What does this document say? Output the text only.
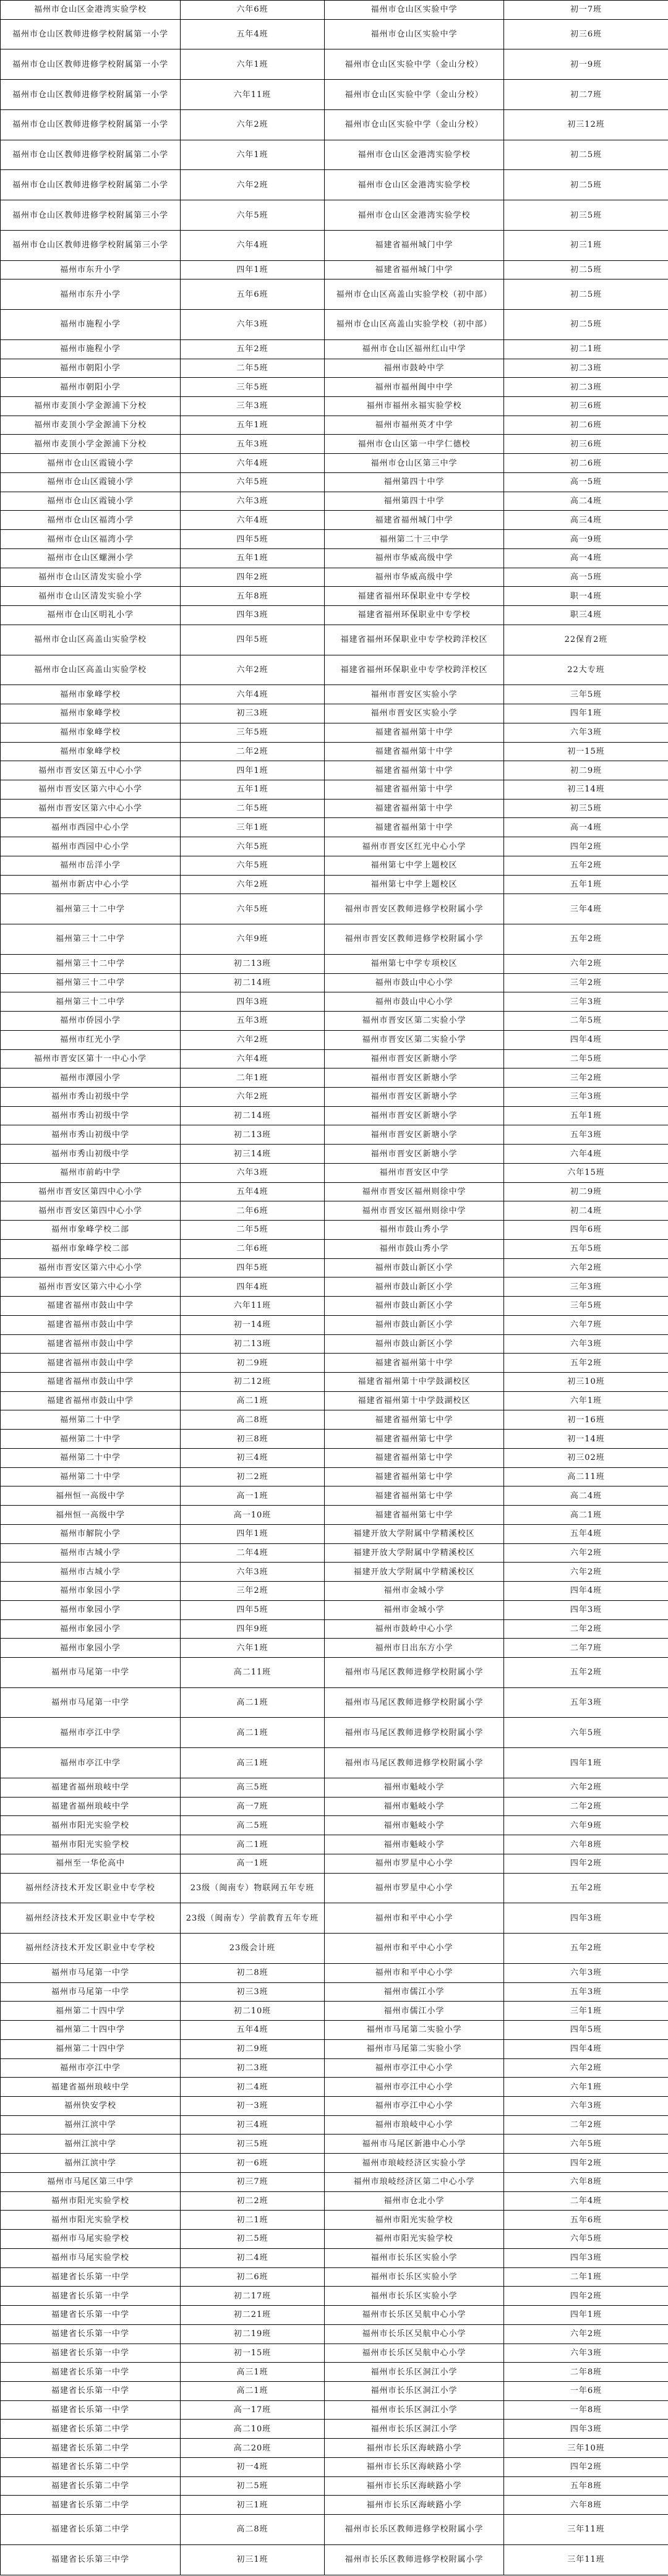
福州市仓山区金港湾实验学校	六年6班	福州市仓山区实验中学	初一7班
福州市仓山区教师进修学校附属第一小学	五年4班	福州市仓山区实验中学	初三6班
福州市仓山区教师进修学校附属第一小学	六年1班	福州市仓山区实验中学（金山分校）	初一9班
福州市仓山区教师进修学校附属第一小学	六年11班	福州市仓山区实验中学（金山分校）	初二7班
福州市仓山区教师进修学校附属第一小学	六年2班	福州市仓山区实验中学（金山分校）	初三12班
福州市仓山区教师进修学校附属第二小学	六年1班	福州市仓山区金港湾实验学校	初二5班
福州市仓山区教师进修学校附属第二小学	六年2班	福州市仓山区金港湾实验学校	初二5班
福州市仓山区教师进修学校附属第三小学	六年5班	福州市仓山区金港湾实验学校	初三5班
福州市仓山区教师进修学校附属第三小学	六年4班	福建省福州城门中学	初三1班
福州市东升小学	四年1班	福建省福州城门中学	初二5班
福州市东升小学	五年6班	福州市仓山区高盖山实验学校（初中部）	初二5班
福州市施程小学	六年3班	福州市仓山区高盖山实验学校（初中部）	初二5班
福州市施程小学	五年2班	福州市仓山区福州红山中学	初二1班
福州市朝阳小学	二年5班	福州市鼓岭中学	初二3班
福州市朝阳小学	三年5班	福州市福州闽中中学	初二3班
福州市麦顶小学金源浦下分校	三年3班	福州市福州永福实验学校	初三6班
福州市麦顶小学金源浦下分校	五年1班	福州市福州英才中学	初二6班
福州市麦顶小学金源浦下分校	五年3班	福州市仓山区第一中学仁德校	初三6班
福州市仓山区霞镜小学	六年4班	福州市仓山区第三中学	初二6班
福州市仓山区霞镜小学	六年5班	福州第四十中学	高一5班
福州市仓山区霞镜小学	六年3班	福州第四十中学	高二4班
福州市仓山区福湾小学	六年4班	福建省福州城门中学	高三4班
福州市仓山区福湾小学	四年5班	福州第二十三中学	高一9班
福州市仓山区螺洲小学	五年1班	福州市华威高级中学	高一4班
福州市仓山区清发实验小学	四年2班	福州市华威高级中学	高一5班
福州市仓山区清发实验小学	五年8班	福建省福州环保职业中专学校	职一4班
福州市仓山区明礼小学	四年3班	福建省福州环保职业中专学校	职三4班
福州市仓山区高盖山实验学校	四年5班	福建省福州环保职业中专学校跨洋校区	22保育2班
福州市仓山区高盖山实验学校	六年2班	福建省福州环保职业中专学校跨洋校区	22大专班
福州市象峰学校	六年4班	福州市晋安区实验小学	三年5班
福州市象峰学校	初三3班	福州市晋安区实验小学	四年1班
福州市象峰学校	三年5班	福建省福州第十中学	六年3班
福州市象峰学校	二年2班	福建省福州第十中学	初一15班
福州市晋安区第五中心小学	四年1班	福建省福州第十中学	初二9班
福州市晋安区第六中心小学	五年1班	福建省福州第十中学	初三14班
福州市晋安区第六中心小学	二年5班	福建省福州第十中学	初三5班
福州市西园中心小学	三年1班	福建省福州第十中学	高一4班
福州市西园中心小学	六年5班	福州市晋安区红光中心小学	四年2班
福州市岳洋小学	六年5班	福州第七中学上题校区	五年2班
福州市新店中心小学	六年2班	福州第七中学上题校区	五年1班
福州第三十二中学	六年5班	福州市晋安区教师进修学校附属小学	三年4班
福州第三十二中学	六年9班	福州市晋安区教师进修学校附属小学	五年2班
福州第三十二中学	初二13班	福州第七中学专项校区	六年2班
福州第三十二中学	初二14班	福州市鼓山中心小学	三年2班
福州第三十二中学	四年3班	福州市鼓山中心小学	三年3班
福州市侨园小学	五年3班	福州市晋安区第二实验小学	二年5班
福州市红光小学	六年2班	福州市晋安区第二实验小学	四年4班
福州市晋安区第十一中心小学	六年4班	福州市晋安区新塘小学	二年5班
福州市潭园小学	二年1班	福州市晋安区新塘小学	三年2班
福州市秀山初级中学	六年2班	福州市晋安区新塘小学	三年3班
福州市秀山初级中学	初二14班	福州市晋安区新塘小学	五年1班
福州市秀山初级中学	初二13班	福州市晋安区新塘小学	五年3班
福州市秀山初级中学	初三14班	福州市晋安区新塘小学	六年4班
福州市前屿中学	六年3班	福州市晋安区中学	六年15班
福州市晋安区第四中心小学	五年4班	福州市晋安区福州则徐中学	初二9班
福州市晋安区第四中心小学	二年6班	福州市晋安区福州则徐中学	初二4班
福州市象峰学校二部	二年5班	福州市鼓山秀小学	四年6班
福州市象峰学校二部	二年6班	福州市鼓山秀小学	五年5班
福州市晋安区第六中心小学	四年5班	福州市鼓山新区小学	六年2班
福州市晋安区第六中心小学	四年4班	福州市鼓山新区小学	三年3班
福建省福州市鼓山中学	六年11班	福州市鼓山新区小学	三年5班
福建省福州市鼓山中学	初一14班	福州市鼓山新区小学	六年7班
福建省福州市鼓山中学	初二13班	福州市鼓山新区小学	六年3班
福建省福州市鼓山中学	初二9班	福建省福州第十中学	五年2班
福建省福州市鼓山中学	初二12班	福建省福州第十中学鼓湖校区	初三10班
福建省福州市鼓山中学	高二1班	福建省福州第十中学鼓湖校区	六年1班
福州第二十中学	高二8班	福建省福州第七中学	初一16班
福州第二十中学	初三8班	福建省福州第七中学	初一14班
福州第二十中学	初三4班	福建省福州第七中学	初三02班
福州第二十中学	初二2班	福建省福州第七中学	高二11班
福州恒一高级中学	高一1班	福建省福州第七中学	高二4班
福州恒一高级中学	高一10班	福建省福州第七中学	高二1班
福州市解院小学	四年1班	福建开放大学附属中学精溪校区	五年4班
福州市古城小学	二年4班	福建开放大学附属中学精溪校区	六年2班
福州市古城小学	六年3班	福建开放大学附属中学精溪校区	六年2班
福州市象园小学	三年2班	福州市金城小学	四年4班
福州市象园小学	四年5班	福州市金城小学	四年3班
福州市象园小学	四年9班	福州市鼓岭中心小学	二年2班
福州市象园小学	六年1班	福州市日出东方小学	二年7班
福州市马尾第一中学	高二11班	福州市马尾区教师进修学校附属小学	五年2班
福州市马尾第一中学	高二1班	福州市马尾区教师进修学校附属小学	五年3班
福州市亭江中学	高二1班	福州市马尾区教师进修学校附属小学	六年5班
福州市亭江中学	高三1班	福州市马尾区教师进修学校附属小学	四年1班
福建省福州琅岐中学	高三5班	福州市魁岐小学	六年2班
福建省福州琅岐中学	高一7班	福州市魁岐小学	二年2班
福州市阳光实验学校	高二5班	福州市魁岐小学	六年9班
福州市阳光实验学校	高二1班	福州市魁岐小学	六年8班
福州至一华伦高中	高一1班	福州市罗星中心小学	四年2班
福州经济技术开发区职业中专学校	23级（闽南专）物联网五年专班	福州市罗星中心小学	五年2班
福州经济技术开发区职业中专学校	23级（闽南专）学前教育五年专班	福州市和平中心小学	四年3班
福州经济技术开发区职业中专学校	23级会计班	福州市和平中心小学	五年2班
福州市马尾第一中学	初二8班	福州市和平中心小学	六年3班
福州市马尾第一中学	初三3班	福州市儒江小学	五年3班
福州第二十四中学	初二10班	福州市儒江小学	三年1班
福州第二十四中学	五年4班	福州市马尾第二实验小学	四年5班
福州第二十四中学	初二9班	福州市马尾第二实验小学	四年4班
福州市亭江中学	初二3班	福州市亭江中心小学	六年2班
福建省福州琅岐中学	初二4班	福州市亭江中心小学	六年1班
福州快安学校	初一3班	福州市亭江中心小学	六年3班
福州江滨中学	初三4班	福州市琅岐中心小学	二年2班
福州江滨中学	初三5班	福州市马尾区新港中心小学	六年5班
福州江滨中学	初一6班	福州市琅岐经济区实验小学	四年2班
福州市马尾区第三中学	初三7班	福州市琅岐经济区第二中心小学	六年8班
福州市阳光实验学校	初二2班	福州市仓北小学	二年4班
福州市阳光实验学校	初二1班	福州市阳光实验学校	五年6班
福州市马尾实验学校	初二5班	福州市阳光实验学校	六年5班
福州市马尾实验学校	初二4班	福州市长乐区实验小学	四年3班
福建省长乐第一中学	初二6班	福州市长乐区实验小学	二年1班
福建省长乐第一中学	初二17班	福州市长乐区实验小学	四年2班
福建省长乐第一中学	初二21班	福州市长乐区吴航中心小学	四年1班
福建省长乐第一中学	初二19班	福州市长乐区吴航中心小学	六年2班
福建省长乐第一中学	初一15班	福州市长乐区吴航中心小学	六年3班
福建省长乐第一中学	高三1班	福州市长乐区洞江小学	二年8班
福建省长乐第一中学	高二1班	福州市长乐区洞江小学	一年6班
福建省长乐第一中学	高一17班	福州市长乐区洞江小学	一年8班
福建省长乐第二中学	高二10班	福州市长乐区洞江小学	四年3班
福建省长乐第二中学	高二20班	福州市长乐区海峡路小学	三年10班
福建省长乐第二中学	初一4班	福州市长乐区海峡路小学	四年2班
福建省长乐第二中学	初二5班	福州市长乐区海峡路小学	五年8班
福建省长乐第二中学	初三1班	福州市长乐区海峡路小学	六年8班
福建省长乐第二中学	高二8班	福州市长乐区教师进修学校附属小学	三年11班
福建省长乐第三中学	初三1班	福州市长乐区教师进修学校附属小学	三年11班
